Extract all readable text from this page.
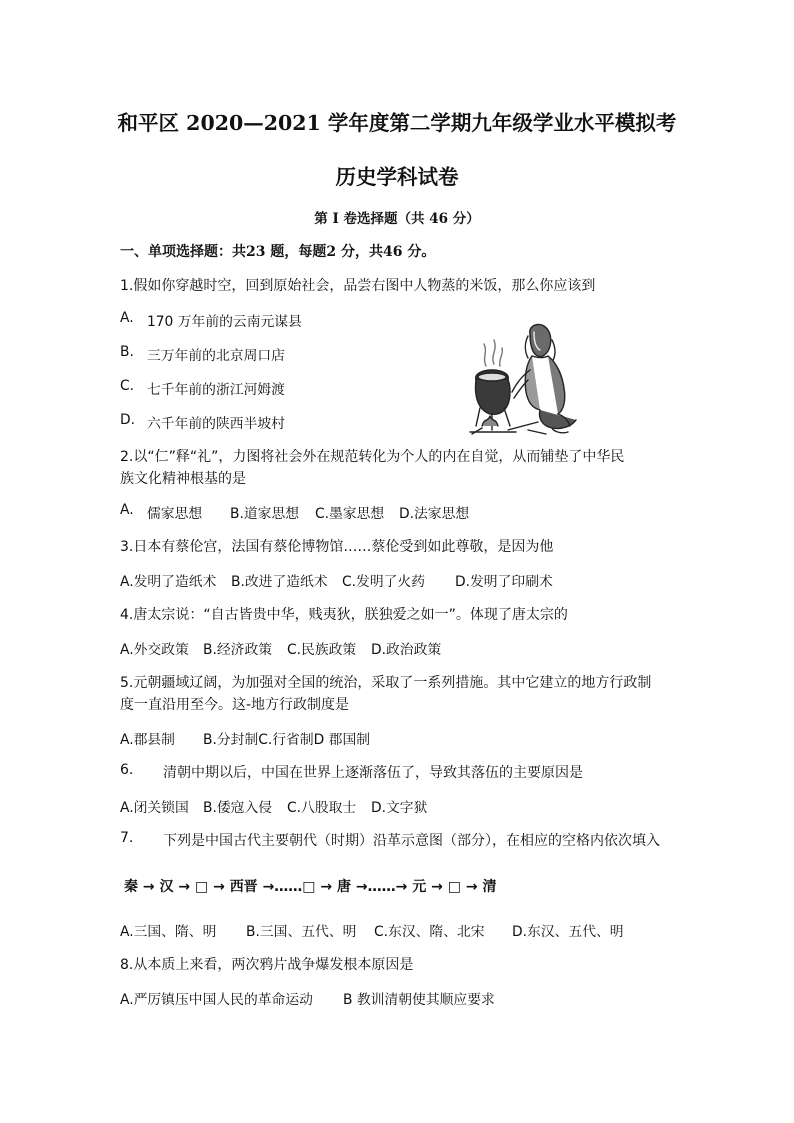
和平区 2020—2021 学年度第二学期九年级学业水平模拟考
历史学科试卷
第 I 卷选择题（共 46 分）
一、单项选择题：共23 题，每题2 分，共46 分。
1.假如你穿越时空，回到原始社会，品尝右图中人物蒸的米饭，那么你应该到
A. 170 万年前的云南元谋县
B. 三万年前的北京周口店
C. 七千年前的浙江河姆渡
D. 六千年前的陕西半坡村
2.以“仁”释“礼”，力图将社会外在规范转化为个人的内在自觉，从而铺垫了中华民
族文化精神根基的是
A. 儒家思想 B.道家思想 C.墨家思想 D.法家思想
3.日本有蔡伦宫，法国有蔡伦博物馆……蔡伦受到如此尊敬，是因为他
A.发明了造纸术 B.改进了造纸术 C.发明了火药 D.发明了印刷术
4.唐太宗说：“自古皆贵中华，贱夷狄，朕独爱之如一”。体现了唐太宗的
A.外交政策 B.经济政策 C.民族政策 D.政治政策
5.元朝疆域辽阔，为加强对全国的统治，采取了一系列措施。其中它建立的地方行政制
度一直沿用至今。这-地方行政制度是
A.郡县制 B.分封制C.行省制D 郡国制
6. 清朝中期以后，中国在世界上逐渐落伍了，导致其落伍的主要原因是
A.闭关锁国 B.倭寇入侵 C.八股取士 D.文字狱
7. 下列是中国古代主要朝代（时期）沿革示意图（部分），在相应的空格内依次填入
秦 → 汉 → □ → 西晋 →……□ → 唐 →……→ 元 → □ → 清
A.三国、隋、明 B.三国、五代、明 C.东汉、隋、北宋 D.东汉、五代、明
8.从本质上来看，两次鸦片战争爆发根本原因是
A.严厉镇压中国人民的革命运动 B 教训清朝使其顺应要求
